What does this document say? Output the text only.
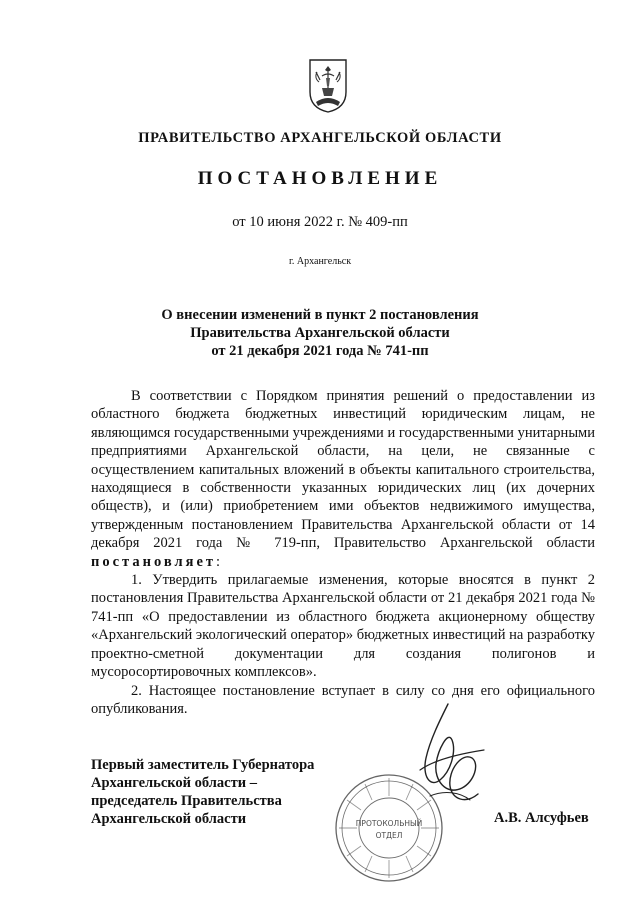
ПРАВИТЕЛЬСТВО АРХАНГЕЛЬСКОЙ ОБЛАСТИ
ПОСТАНОВЛЕНИЕ
от 10 июня 2022 г. № 409-пп
г. Архангельск
О внесении изменений в пункт 2 постановления
Правительства Архангельской области
от 21 декабря 2021 года № 741-пп

В соответствии с Порядком принятия решений о предоставлении из областного бюджета бюджетных инвестиций юридическим лицам, не являющимся государственными учреждениями и государственными унитарными предприятиями Архангельской области, на цели, не связанные с осуществлением капитальных вложений в объекты капитального строительства, находящиеся в собственности указанных юридических лиц (их дочерних обществ), и (или) приобретением ими объектов недвижимого имущества, утвержденным постановлением Правительства Архангельской области от 14 декабря 2021 года № 719-пп, Правительство Архангельской области постановляет:

1. Утвердить прилагаемые изменения, которые вносятся в пункт 2 постановления Правительства Архангельской области от 21 декабря 2021 года № 741-пп «О предоставлении из областного бюджета акционерному обществу «Архангельский экологический оператор» бюджетных инвестиций на разработку проектно-сметной документации для создания полигонов и мусоросортировочных комплексов».

2. Настоящее постановление вступает в силу со дня его официального опубликования.

Первый заместитель Губернатора
Архангельской области –
председатель Правительства
Архангельской области	ПРОТОКОЛЬНЫЙ
ОТДЕЛ
А.В. Алсуфьев
